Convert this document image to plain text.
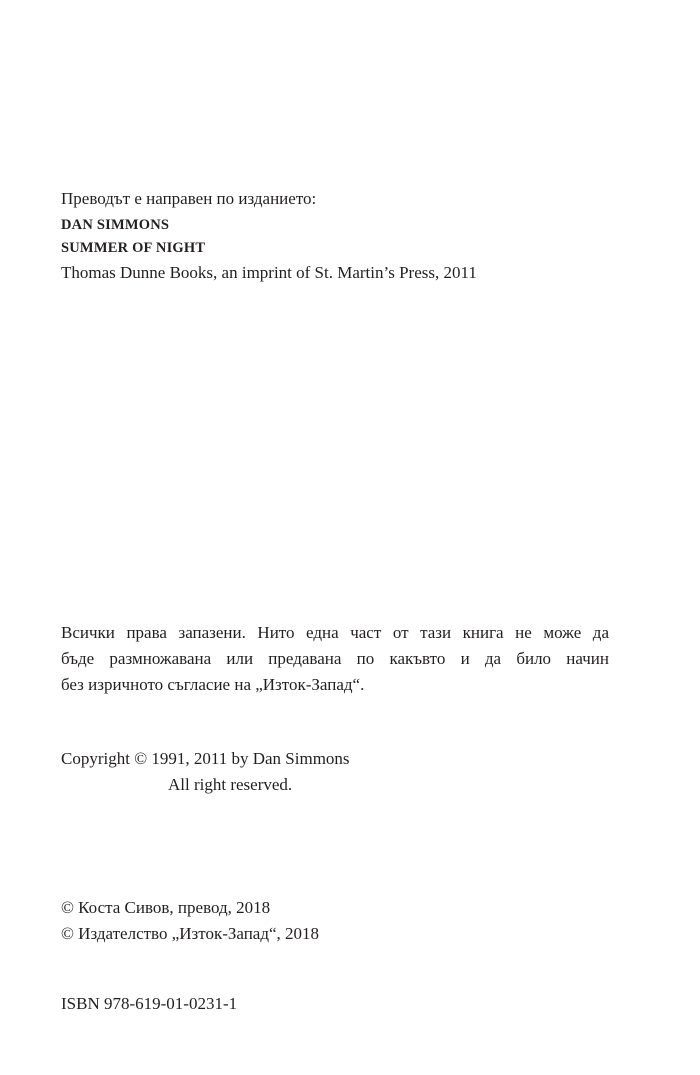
Преводът е направен по изданието:
DAN SIMMONS
SUMMER OF NIGHT
Thomas Dunne Books, an imprint of St. Martin’s Press, 2011
Всички права запазени. Нито една част от тази книга не може да
бъде размножавана или предавана по какъвто и да било начин
без изричното съгласие на „Изток-Запад“.
Copyright © 1991, 2011 by Dan Simmons
All right reserved.
© Коста Сивов, превод, 2018
© Издателство „Изток-Запад“, 2018
ISBN 978-619-01-0231-1
